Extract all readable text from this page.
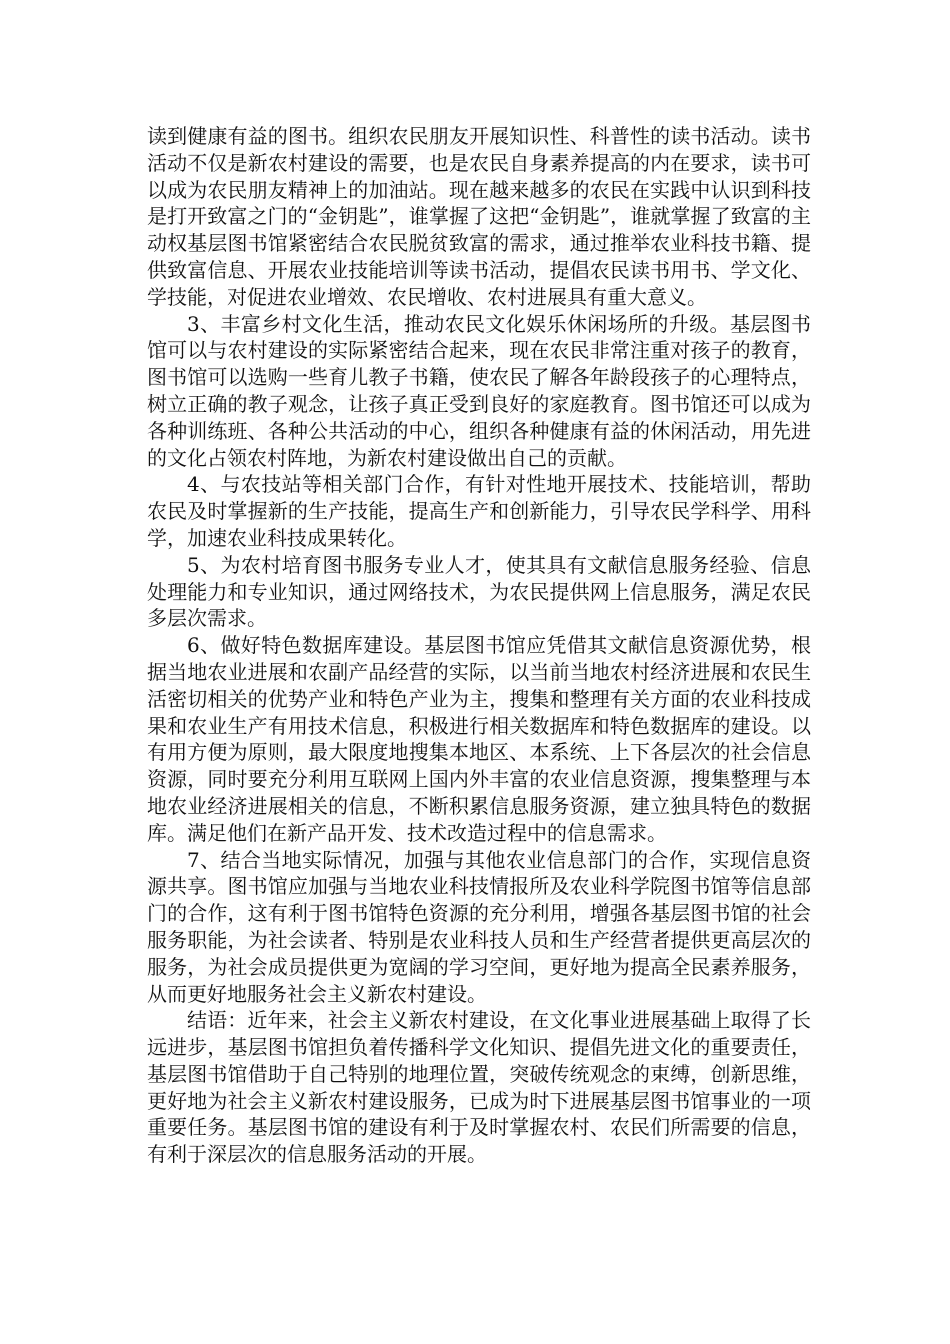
读到健康有益的图书。组织农民朋友开展知识性、科普性的读书活动。读书活动不仅是新农村建设的需要，也是农民自身素养提高的内在要求，读书可以成为农民朋友精神上的加油站。现在越来越多的农民在实践中认识到科技是打开致富之门的“金钥匙”，谁掌握了这把“金钥匙”，谁就掌握了致富的主动权基层图书馆紧密结合农民脱贫致富的需求，通过推举农业科技书籍、提供致富信息、开展农业技能培训等读书活动，提倡农民读书用书、学文化、学技能，对促进农业增效、农民增收、农村进展具有重大意义。

3、丰富乡村文化生活，推动农民文化娱乐休闲场所的升级。基层图书馆可以与农村建设的实际紧密结合起来，现在农民非常注重对孩子的教育，图书馆可以选购一些育儿教子书籍，使农民了解各年龄段孩子的心理特点，树立正确的教子观念，让孩子真正受到良好的家庭教育。图书馆还可以成为各种训练班、各种公共活动的中心，组织各种健康有益的休闲活动，用先进的文化占领农村阵地，为新农村建设做出自己的贡献。

4、与农技站等相关部门合作，有针对性地开展技术、技能培训，帮助农民及时掌握新的生产技能，提高生产和创新能力，引导农民学科学、用科学，加速农业科技成果转化。

5、为农村培育图书服务专业人才，使其具有文献信息服务经验、信息处理能力和专业知识，通过网络技术，为农民提供网上信息服务，满足农民多层次需求。

6、做好特色数据库建设。基层图书馆应凭借其文献信息资源优势，根据当地农业进展和农副产品经营的实际，以当前当地农村经济进展和农民生活密切相关的优势产业和特色产业为主，搜集和整理有关方面的农业科技成果和农业生产有用技术信息，积极进行相关数据库和特色数据库的建设。以有用方便为原则，最大限度地搜集本地区、本系统、上下各层次的社会信息资源，同时要充分利用互联网上国内外丰富的农业信息资源，搜集整理与本地农业经济进展相关的信息，不断积累信息服务资源，建立独具特色的数据库。满足他们在新产品开发、技术改造过程中的信息需求。

7、结合当地实际情况，加强与其他农业信息部门的合作，实现信息资源共享。图书馆应加强与当地农业科技情报所及农业科学院图书馆等信息部门的合作，这有利于图书馆特色资源的充分利用，增强各基层图书馆的社会服务职能，为社会读者、特别是农业科技人员和生产经营者提供更高层次的服务，为社会成员提供更为宽阔的学习空间，更好地为提高全民素养服务，从而更好地服务社会主义新农村建设。

结语：近年来，社会主义新农村建设，在文化事业进展基础上取得了长远进步，基层图书馆担负着传播科学文化知识、提倡先进文化的重要责任，基层图书馆借助于自己特别的地理位置，突破传统观念的束缚，创新思维，更好地为社会主义新农村建设服务，已成为时下进展基层图书馆事业的一项重要任务。基层图书馆的建设有利于及时掌握农村、农民们所需要的信息，有利于深层次的信息服务活动的开展。
